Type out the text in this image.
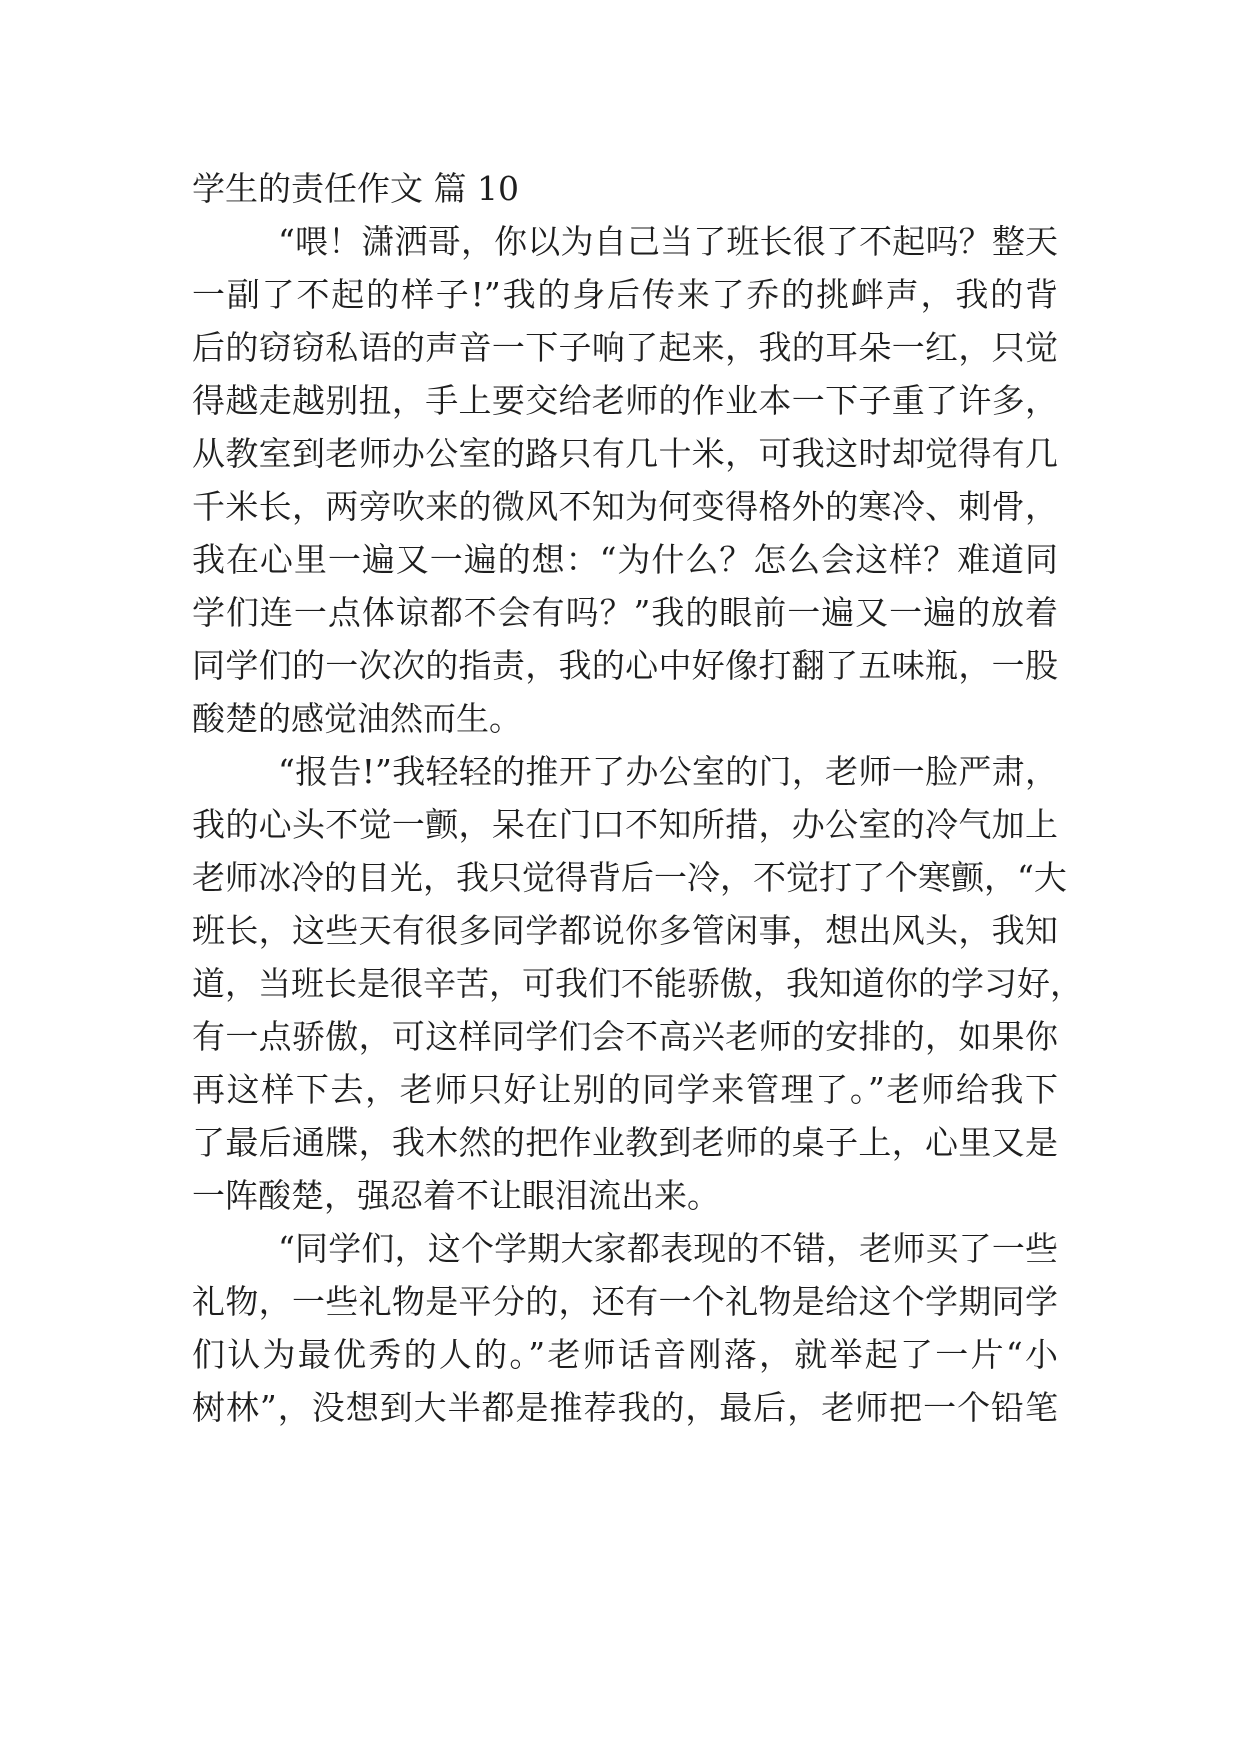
学生的责任作文 篇 10

“喂！潇洒哥，你以为自己当了班长很了不起吗？整天
一副了不起的样子!”我的身后传来了乔的挑衅声，我的背
后的窃窃私语的声音一下子响了起来，我的耳朵一红，只觉
得越走越别扭，手上要交给老师的作业本一下子重了许多，
从教室到老师办公室的路只有几十米，可我这时却觉得有几
千米长，两旁吹来的微风不知为何变得格外的寒冷、刺骨，
我在心里一遍又一遍的想：“为什么？怎么会这样？难道同
学们连一点体谅都不会有吗？”我的眼前一遍又一遍的放着
同学们的一次次的指责，我的心中好像打翻了五味瓶，一股
酸楚的感觉油然而生。

“报告!”我轻轻的推开了办公室的门，老师一脸严肃，
我的心头不觉一颤，呆在门口不知所措，办公室的冷气加上
老师冰冷的目光，我只觉得背后一冷，不觉打了个寒颤，“大
班长，这些天有很多同学都说你多管闲事，想出风头，我知
道，当班长是很辛苦，可我们不能骄傲，我知道你的学习好，
有一点骄傲，可这样同学们会不高兴老师的安排的，如果你
再这样下去，老师只好让别的同学来管理了。”老师给我下
了最后通牒，我木然的把作业教到老师的桌子上，心里又是
一阵酸楚，强忍着不让眼泪流出来。

“同学们，这个学期大家都表现的不错，老师买了一些
礼物，一些礼物是平分的，还有一个礼物是给这个学期同学
们认为最优秀的人的。”老师话音刚落，就举起了一片“小
树林”，没想到大半都是推荐我的，最后，老师把一个铅笔
